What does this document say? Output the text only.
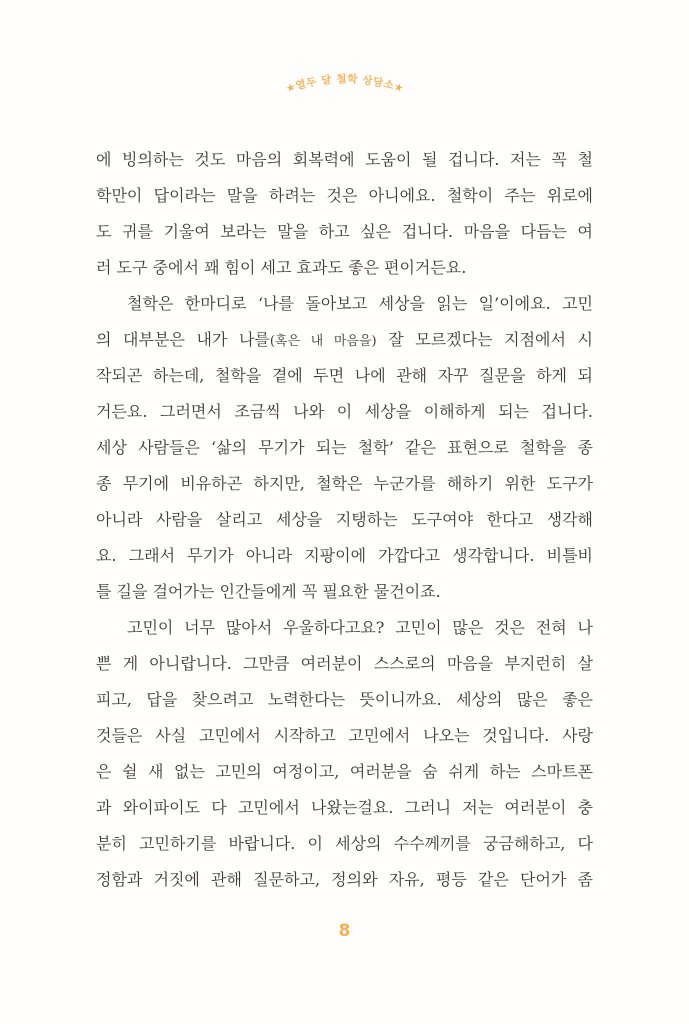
★열두 달 철학 상담소★
에 빙의하는 것도 마음의 회복력에 도움이 될 겁니다. 저는 꼭 철
학만이 답이라는 말을 하려는 것은 아니에요. 철학이 주는 위로에
도 귀를 기울여 보라는 말을 하고 싶은 겁니다. 마음을 다듬는 여
러 도구 중에서 꽤 힘이 세고 효과도 좋은 편이거든요.
철학은 한마디로 ‘나를 돌아보고 세상을 읽는 일’이에요. 고민
의 대부분은 내가 나를(혹은 내 마음을) 잘 모르겠다는 지점에서 시
작되곤 하는데, 철학을 곁에 두면 나에 관해 자꾸 질문을 하게 되
거든요. 그러면서 조금씩 나와 이 세상을 이해하게 되는 겁니다.
세상 사람들은 ‘삶의 무기가 되는 철학’ 같은 표현으로 철학을 종
종 무기에 비유하곤 하지만, 철학은 누군가를 해하기 위한 도구가
아니라 사람을 살리고 세상을 지탱하는 도구여야 한다고 생각해
요. 그래서 무기가 아니라 지팡이에 가깝다고 생각합니다. 비틀비
틀 길을 걸어가는 인간들에게 꼭 필요한 물건이죠.
고민이 너무 많아서 우울하다고요? 고민이 많은 것은 전혀 나
쁜 게 아니랍니다. 그만큼 여러분이 스스로의 마음을 부지런히 살
피고, 답을 찾으려고 노력한다는 뜻이니까요. 세상의 많은 좋은
것들은 사실 고민에서 시작하고 고민에서 나오는 것입니다. 사랑
은 쉴 새 없는 고민의 여정이고, 여러분을 숨 쉬게 하는 스마트폰
과 와이파이도 다 고민에서 나왔는걸요. 그러니 저는 여러분이 충
분히 고민하기를 바랍니다. 이 세상의 수수께끼를 궁금해하고, 다
정함과 거짓에 관해 질문하고, 정의와 자유, 평등 같은 단어가 좀
8
